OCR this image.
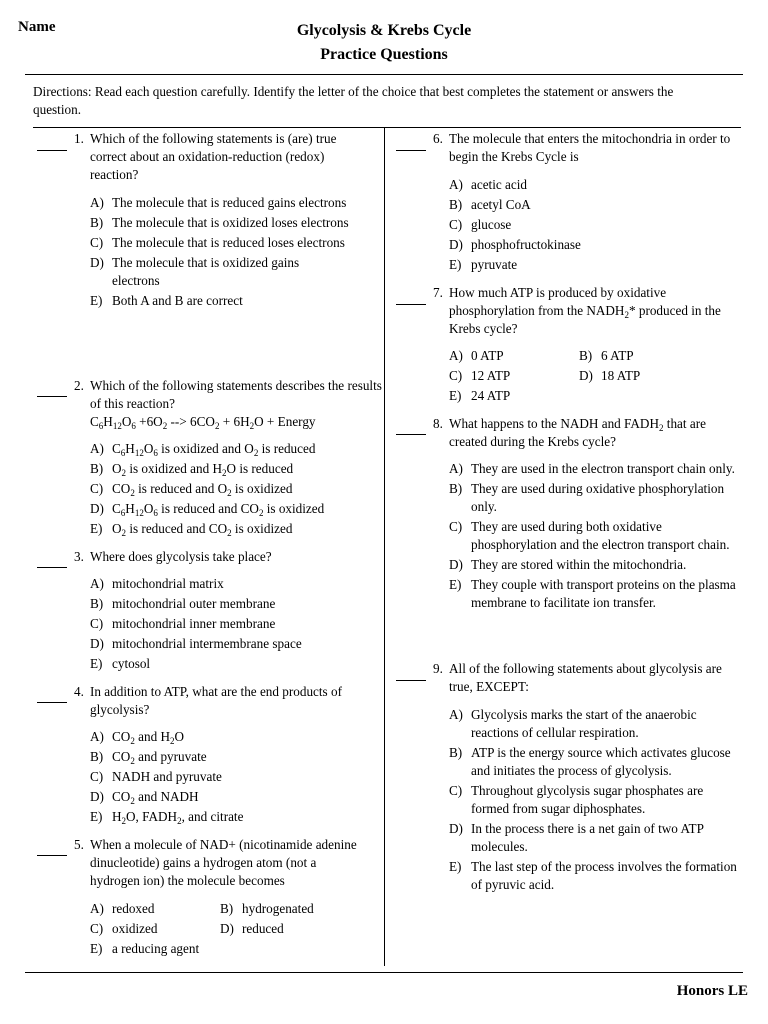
Name	Glycolysis & Krebs Cycle
Practice Questions
Directions: Read each question carefully. Identify the letter of the choice that best completes the statement or answers the question.
1. Which of the following statements is (are) true correct about an oxidation-reduction (redox) reaction?
A) The molecule that is reduced gains electrons
B) The molecule that is oxidized loses electrons
C) The molecule that is reduced loses electrons
D) The molecule that is oxidized gains electrons
E) Both A and B are correct
2. Which of the following statements describes the results of this reaction?
$C_6H_{12}O_6 +6O_2$ --> $6CO_2 + 6H_2O$ + Energy
A) $C_6H_{12}O_6$ is oxidized and $O_2$ is reduced
B) $O_2$ is oxidized and $H_2O$ is reduced
C) $CO_2$ is reduced and $O_2$ is oxidized
D) $C_6H_{12}O_6$ is reduced and $CO_2$ is oxidized
E) $O_2$ is reduced and $CO_2$ is oxidized
3. Where does glycolysis take place?
A) mitochondrial matrix
B) mitochondrial outer membrane
C) mitochondrial inner membrane
D) mitochondrial intermembrane space
E) cytosol
4. In addition to ATP, what are the end products of glycolysis?
A) $CO_2$ and $H_2O$
B) $CO_2$ and pyruvate
C) NADH and pyruvate
D) $CO_2$ and NADH
E) $H_2O$, $FADH_2$, and citrate
5. When a molecule of NAD+ (nicotinamide adenine dinucleotide) gains a hydrogen atom (not a hydrogen ion) the molecule becomes
A) redoxed	B) hydrogenated
C) oxidized	D) reduced
E) a reducing agent
6. The molecule that enters the mitochondria in order to begin the Krebs Cycle is
A) acetic acid
B) acetyl CoA
C) glucose
D) phosphofructokinase
E) pyruvate
7. How much ATP is produced by oxidative phosphorylation from the $NADH_2*$ produced in the Krebs cycle?
A) 0 ATP	B) 6 ATP
C) 12 ATP	D) 18 ATP
E) 24 ATP
8. What happens to the NADH and $FADH_2$ that are created during the Krebs cycle?
A) They are used in the electron transport chain only.
B) They are used during oxidative phosphorylation only.
C) They are used during both oxidative phosphorylation and the electron transport chain.
D) They are stored within the mitochondria.
E) They couple with transport proteins on the plasma membrane to facilitate ion transfer.
9. All of the following statements about glycolysis are true, EXCEPT:
A) Glycolysis marks the start of the anaerobic reactions of cellular respiration.
B) ATP is the energy source which activates glucose and initiates the process of glycolysis.
C) Throughout glycolysis sugar phosphates are formed from sugar diphosphates.
D) In the process there is a net gain of two ATP molecules.
E) The last step of the process involves the formation of pyruvic acid.
Honors LE
